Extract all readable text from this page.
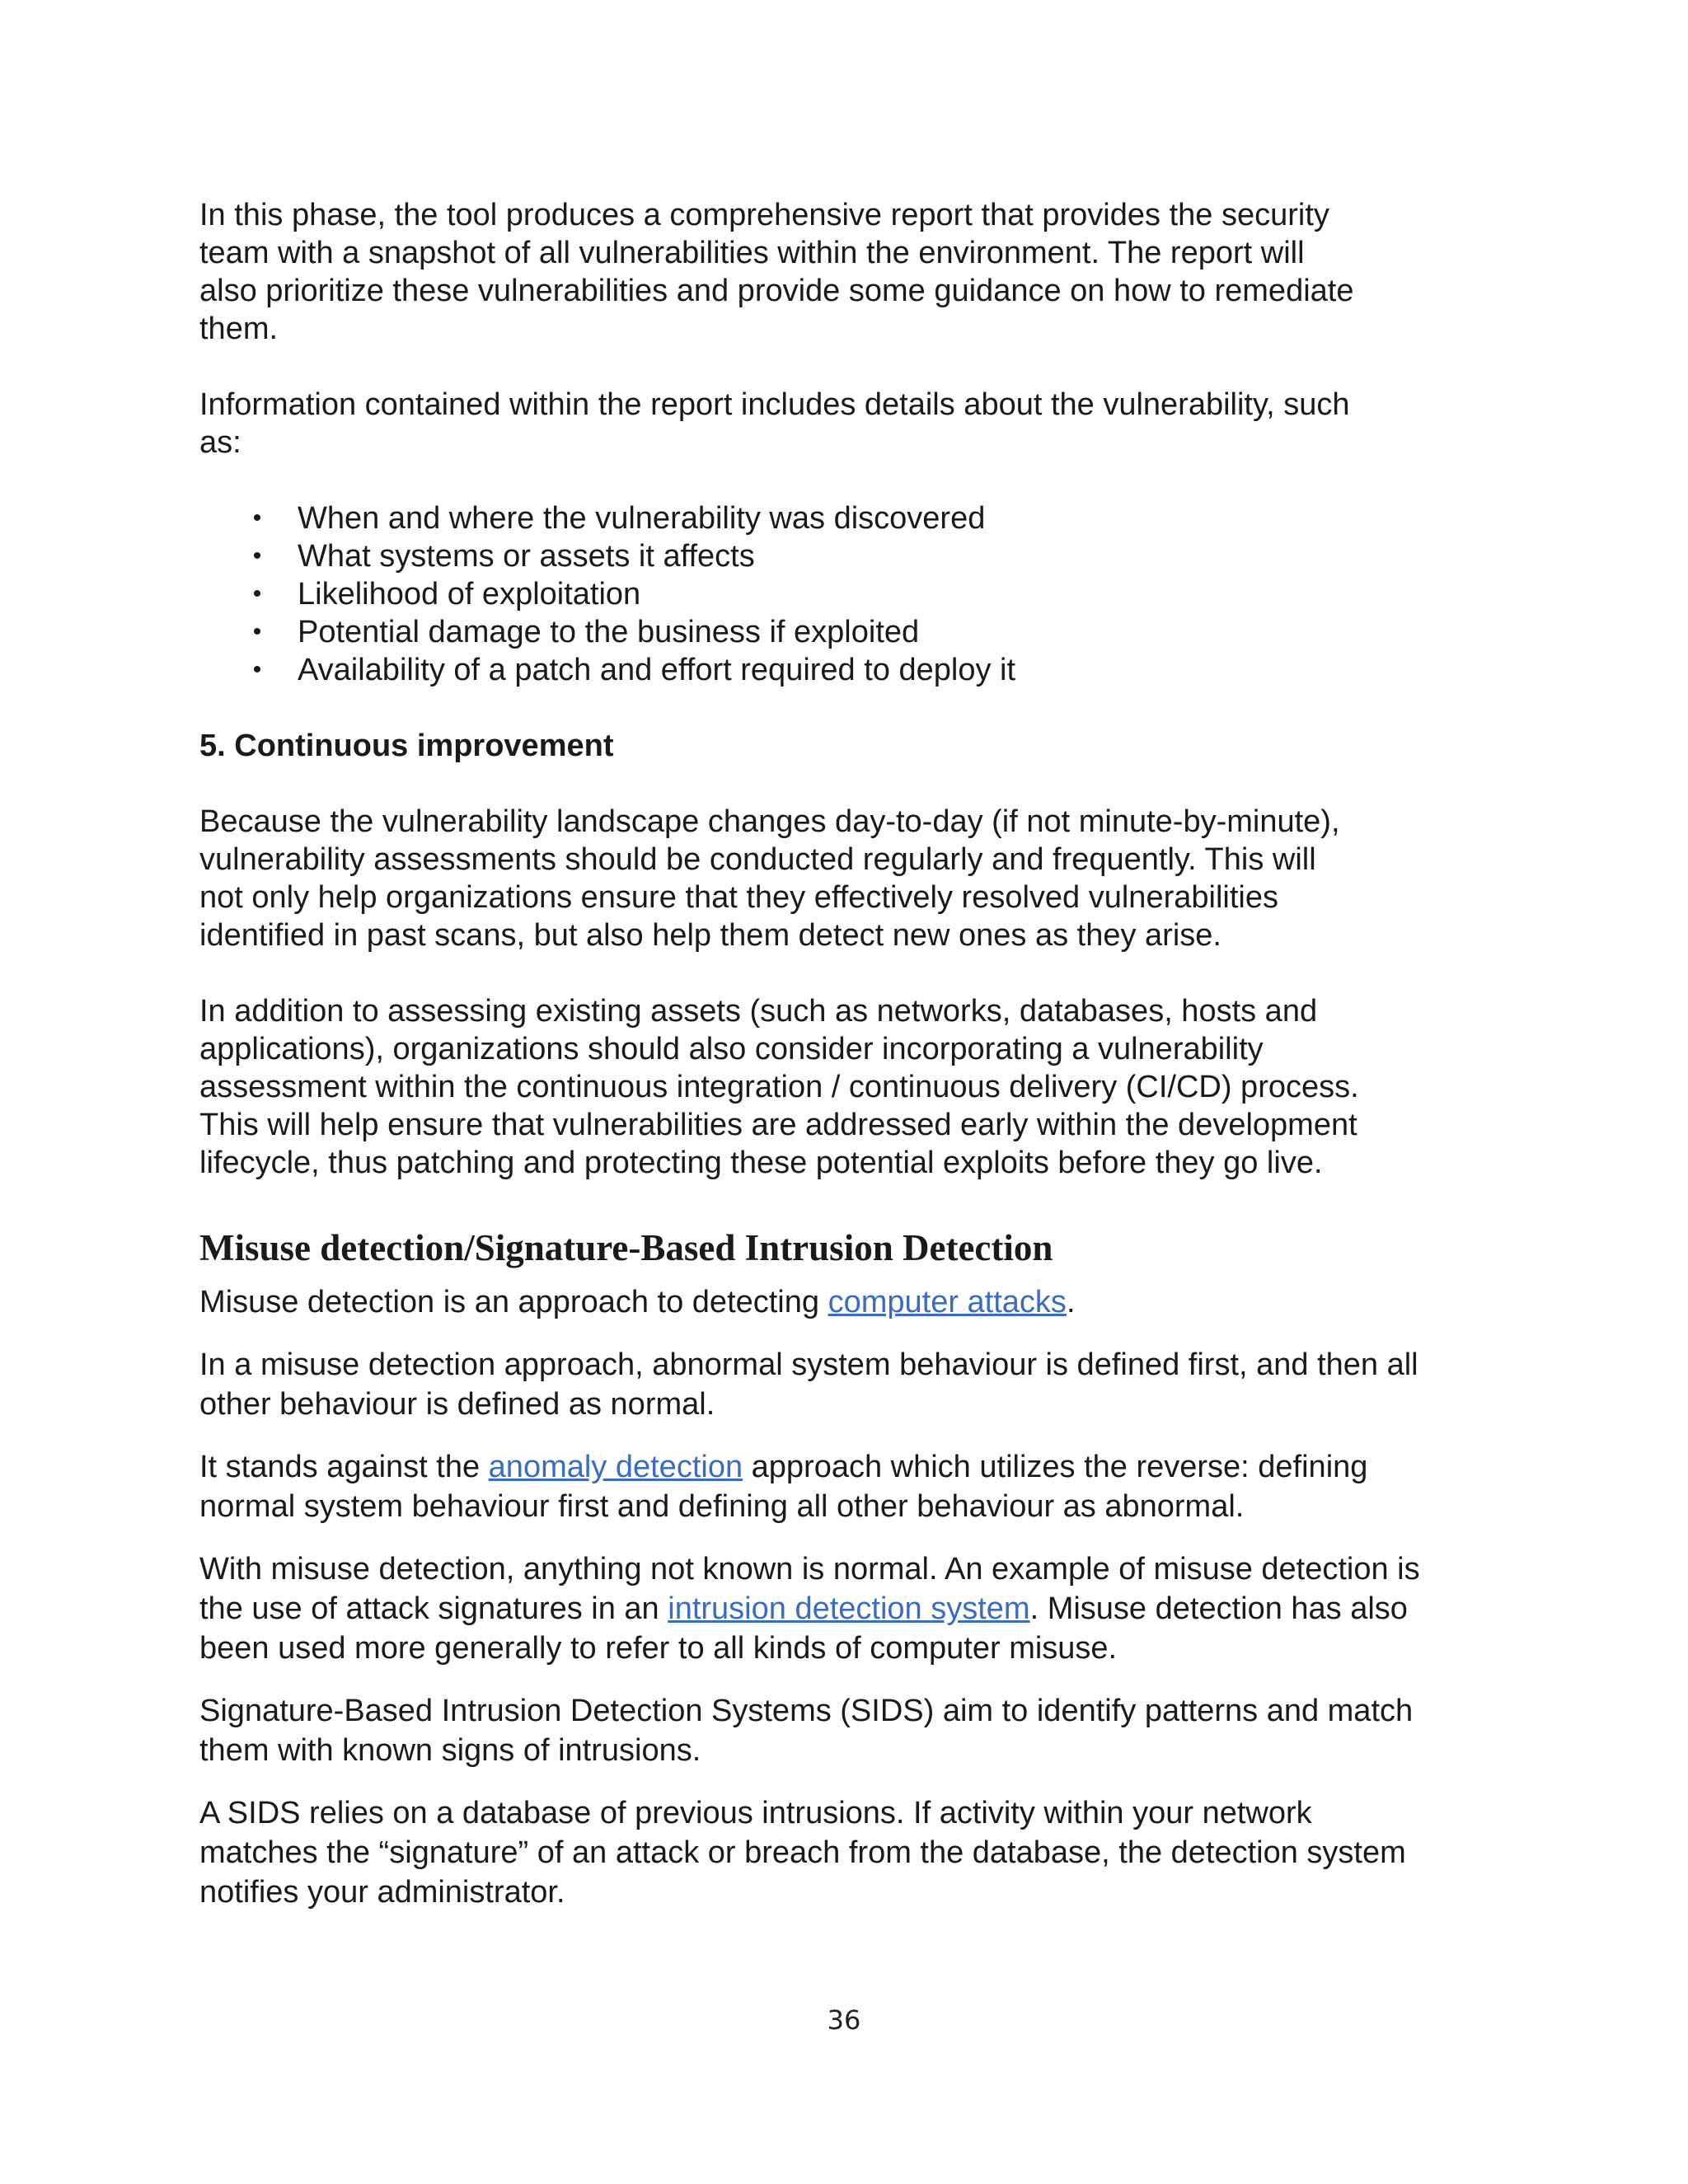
In this phase, the tool produces a comprehensive report that provides the security
team with a snapshot of all vulnerabilities within the environment. The report will
also prioritize these vulnerabilities and provide some guidance on how to remediate
them.

Information contained within the report includes details about the vulnerability, such
as:

• When and where the vulnerability was discovered
• What systems or assets it affects
• Likelihood of exploitation
• Potential damage to the business if exploited
• Availability of a patch and effort required to deploy it

5. Continuous improvement

Because the vulnerability landscape changes day-to-day (if not minute-by-minute),
vulnerability assessments should be conducted regularly and frequently. This will
not only help organizations ensure that they effectively resolved vulnerabilities
identified in past scans, but also help them detect new ones as they arise.

In addition to assessing existing assets (such as networks, databases, hosts and
applications), organizations should also consider incorporating a vulnerability
assessment within the continuous integration / continuous delivery (CI/CD) process.
This will help ensure that vulnerabilities are addressed early within the development
lifecycle, thus patching and protecting these potential exploits before they go live.

Misuse detection/Signature-Based Intrusion Detection

Misuse detection is an approach to detecting computer attacks.

In a misuse detection approach, abnormal system behaviour is defined first, and then all
other behaviour is defined as normal.

It stands against the anomaly detection approach which utilizes the reverse: defining
normal system behaviour first and defining all other behaviour as abnormal.

With misuse detection, anything not known is normal. An example of misuse detection is
the use of attack signatures in an intrusion detection system. Misuse detection has also
been used more generally to refer to all kinds of computer misuse.

Signature-Based Intrusion Detection Systems (SIDS) aim to identify patterns and match
them with known signs of intrusions.

A SIDS relies on a database of previous intrusions. If activity within your network
matches the “signature” of an attack or breach from the database, the detection system
notifies your administrator.

36
